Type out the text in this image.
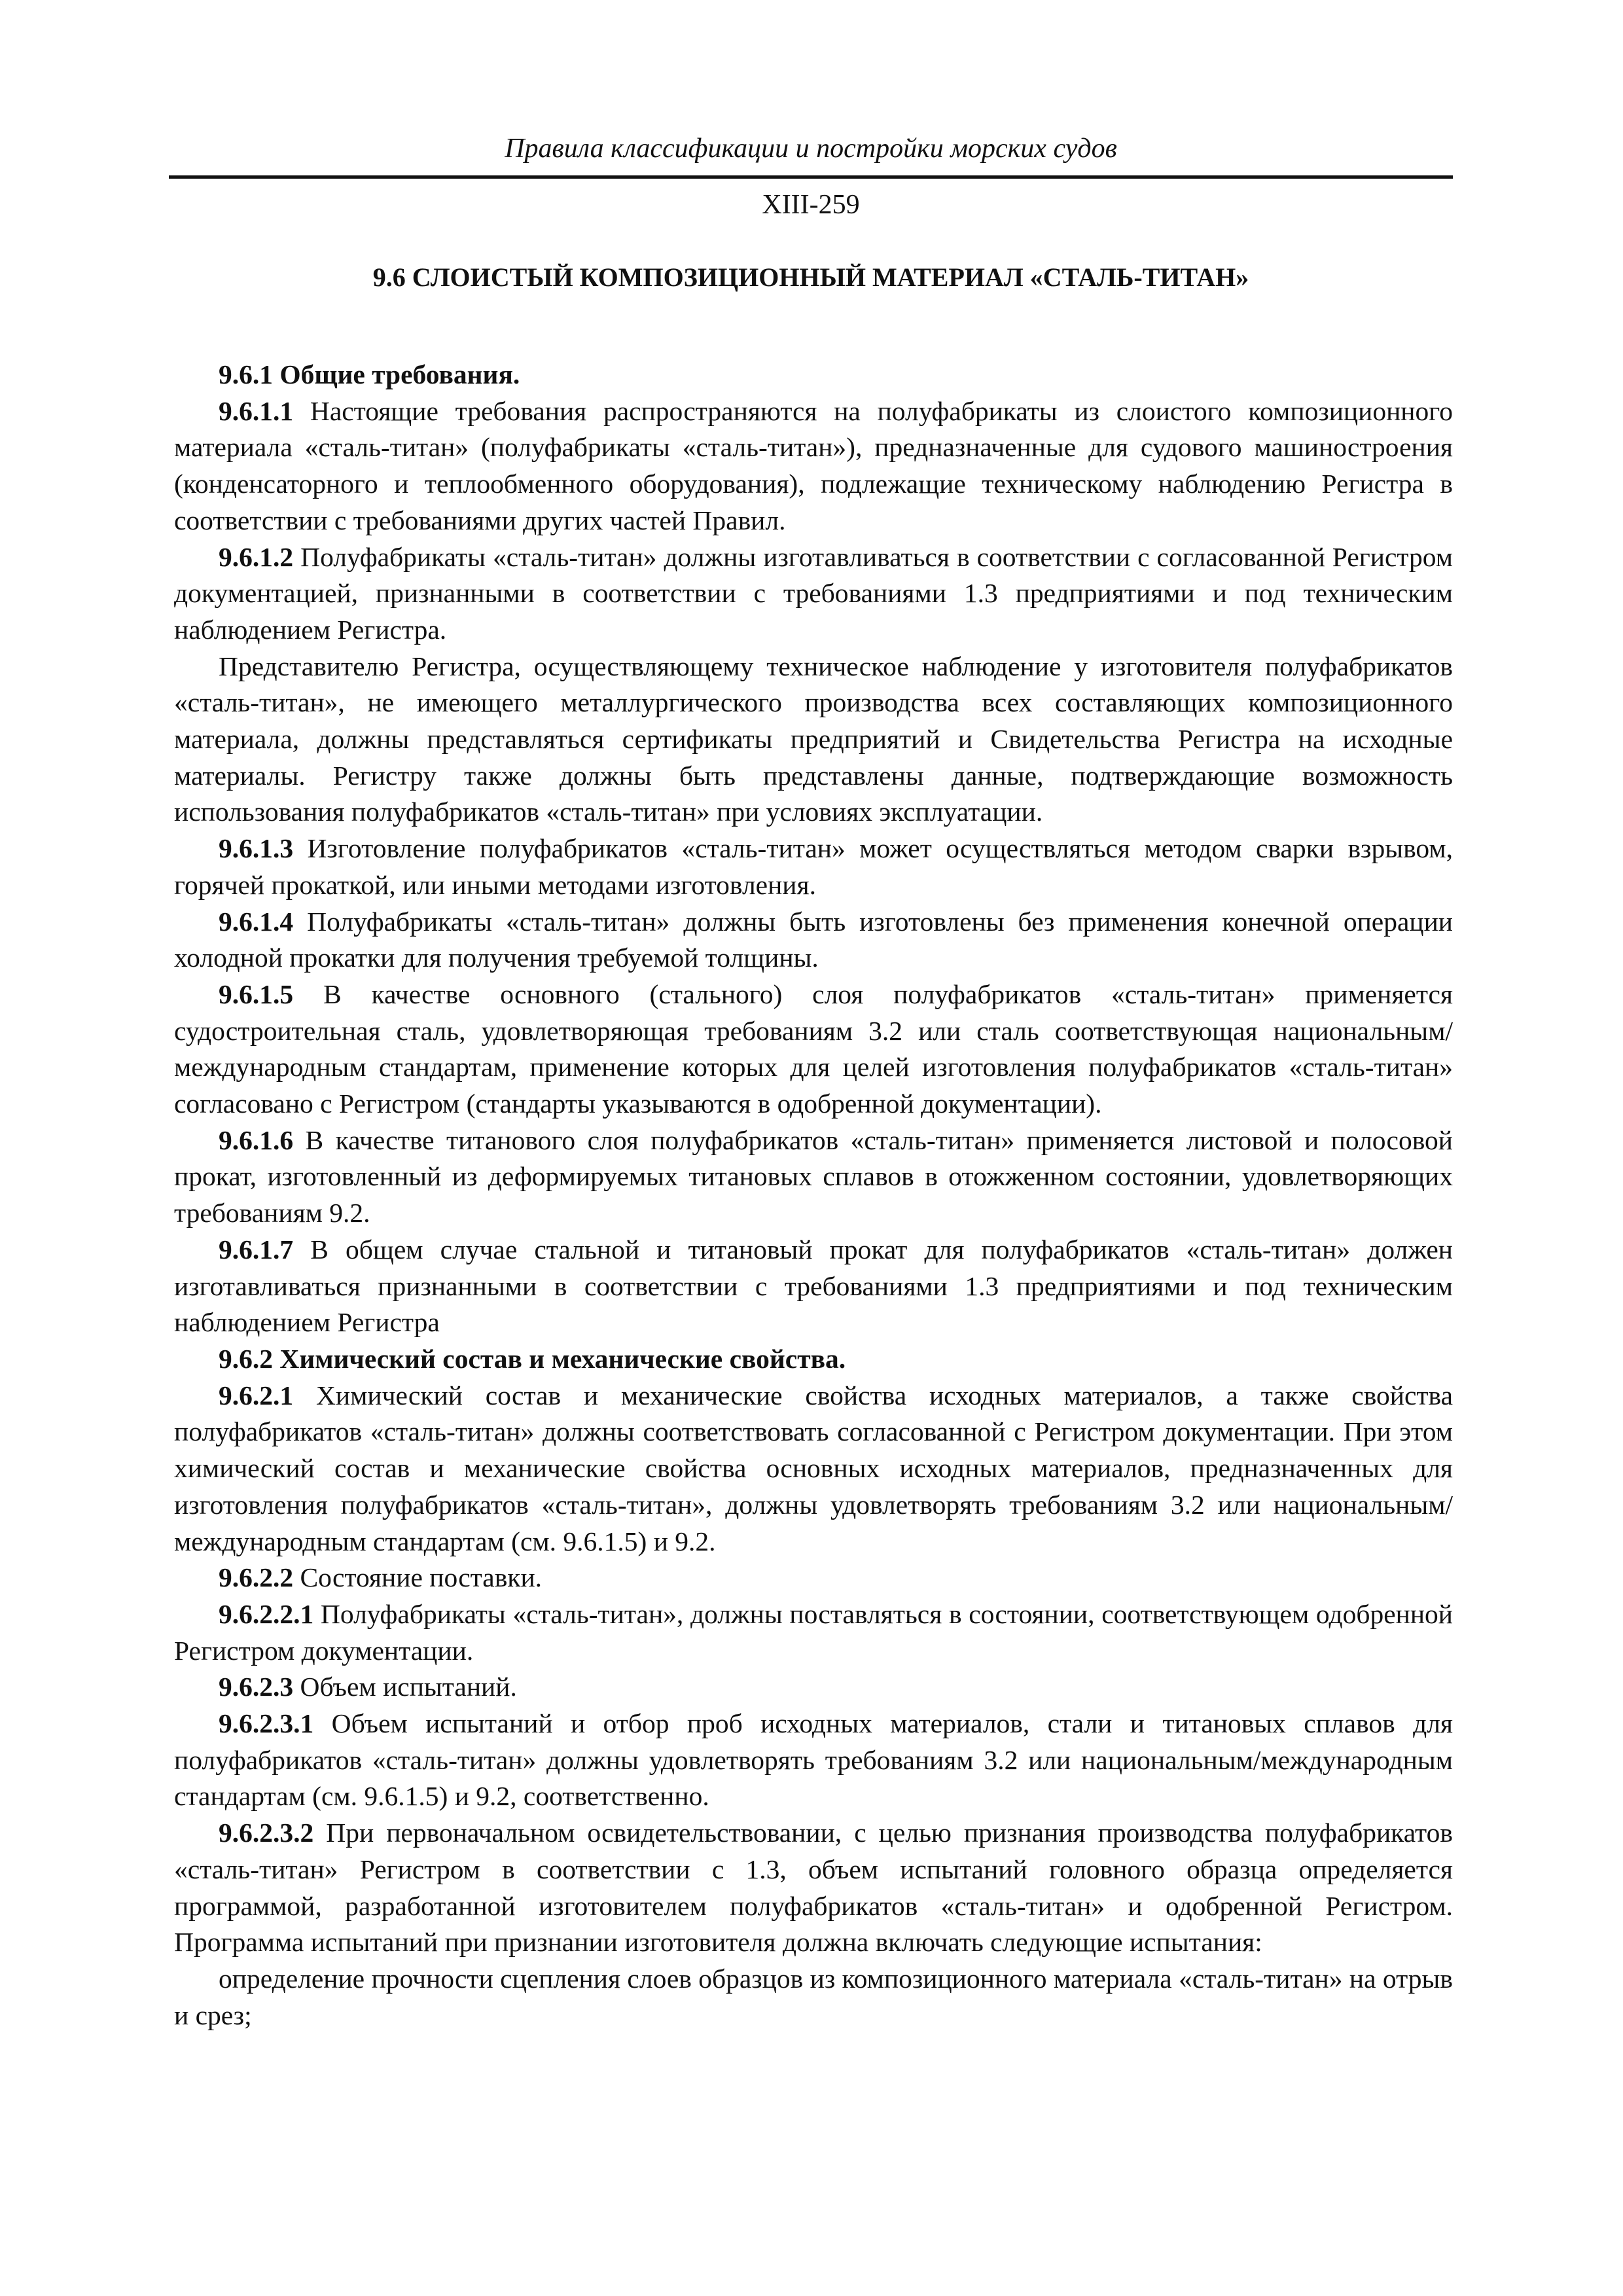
Правила классификации и постройки морских судов
XIII-259
9.6 СЛОИСТЫЙ КОМПОЗИЦИОННЫЙ МАТЕРИАЛ «СТАЛЬ-ТИТАН»

9.6.1 Общие требования.

9.6.1.1 Настоящие требования распространяются на полуфабрикаты из слоистого композиционного материала «сталь-титан» (полуфабрикаты «сталь-титан»), предназначенные для судового машиностроения (конденсаторного и теплообменного оборудования), подлежащие техническому наблюдению Регистра в соответствии с требованиями других частей Правил.

9.6.1.2 Полуфабрикаты «сталь-титан» должны изготавливаться в соответствии с согласованной Регистром документацией, признанными в соответствии с требованиями 1.3 предприятиями и под техническим наблюдением Регистра.

Представителю Регистра, осуществляющему техническое наблюдение у изготовителя полуфабрикатов «сталь-титан», не имеющего металлургического производства всех составляющих композиционного материала, должны представляться сертификаты предприятий и Свидетельства Регистра на исходные материалы. Регистру также должны быть представлены данные, подтверждающие возможность использования полуфабрикатов «сталь-титан» при условиях эксплуатации.

9.6.1.3 Изготовление полуфабрикатов «сталь-титан» может осуществляться методом сварки взрывом, горячей прокаткой, или иными методами изготовления.

9.6.1.4 Полуфабрикаты «сталь-титан» должны быть изготовлены без применения конечной операции холодной прокатки для получения требуемой толщины.

9.6.1.5 В качестве основного (стального) слоя полуфабрикатов «сталь-титан» применяется судостроительная сталь, удовлетворяющая требованиям 3.2 или сталь соответствующая национальным/международным стандартам, применение которых для целей изготовления полуфабрикатов «сталь-титан» согласовано с Регистром (стандарты указываются в одобренной документации).

9.6.1.6 В качестве титанового слоя полуфабрикатов «сталь-титан» применяется листовой и полосовой прокат, изготовленный из деформируемых титановых сплавов в отожженном состоянии, удовлетворяющих требованиям 9.2.

9.6.1.7 В общем случае стальной и титановый прокат для полуфабрикатов «сталь-титан» должен изготавливаться признанными в соответствии с требованиями 1.3 предприятиями и под техническим наблюдением Регистра

9.6.2 Химический состав и механические свойства.

9.6.2.1 Химический состав и механические свойства исходных материалов, а также свойства полуфабрикатов «сталь-титан» должны соответствовать согласованной с Регистром документации. При этом химический состав и механические свойства основных исходных материалов, предназначенных для изготовления полуфабрикатов «сталь-титан», должны удовлетворять требованиям 3.2 или национальным/международным стандартам (см. 9.6.1.5) и 9.2.

9.6.2.2 Состояние поставки.

9.6.2.2.1 Полуфабрикаты «сталь-титан», должны поставляться в состоянии, соответствующем одобренной Регистром документации.

9.6.2.3 Объем испытаний.

9.6.2.3.1 Объем испытаний и отбор проб исходных материалов, стали и титановых сплавов для полуфабрикатов «сталь-титан» должны удовлетворять требованиям 3.2 или национальным/международным стандартам (см. 9.6.1.5) и 9.2, соответственно.

9.6.2.3.2 При первоначальном освидетельствовании, с целью признания производства полуфабрикатов «сталь-титан» Регистром в соответствии с 1.3, объем испытаний головного образца определяется программой, разработанной изготовителем полуфабрикатов «сталь-титан» и одобренной Регистром. Программа испытаний при признании изготовителя должна включать следующие испытания:

определение прочности сцепления слоев образцов из композиционного материала «сталь-титан» на отрыв и срез;
